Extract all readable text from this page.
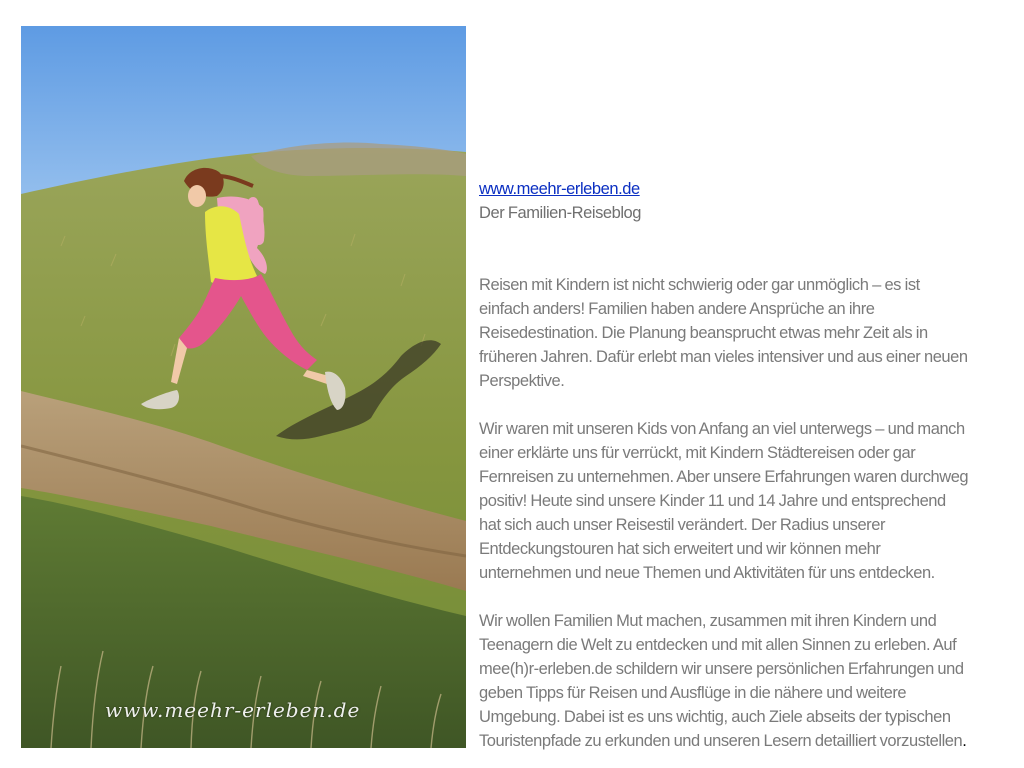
www.meehr-erleben.de
www.meehr-erleben.de
Der Familien-Reiseblog

Reisen mit Kindern ist nicht schwierig oder gar unmöglich – es ist
einfach anders! Familien haben andere Ansprüche an ihre
Reisedestination. Die Planung beansprucht etwas mehr Zeit als in
früheren Jahren. Dafür erlebt man vieles intensiver und aus einer neuen
Perspektive.

Wir waren mit unseren Kids von Anfang an viel unterwegs – und manch
einer erklärte uns für verrückt, mit Kindern Städtereisen oder gar
Fernreisen zu unternehmen. Aber unsere Erfahrungen waren durchweg
positiv! Heute sind unsere Kinder 11 und 14 Jahre und entsprechend
hat sich auch unser Reisestil verändert. Der Radius unserer
Entdeckungstouren hat sich erweitert und wir können mehr
unternehmen und neue Themen und Aktivitäten für uns entdecken.

Wir wollen Familien Mut machen, zusammen mit ihren Kindern und
Teenagern die Welt zu entdecken und mit allen Sinnen zu erleben. Auf
mee(h)r-erleben.de schildern wir unsere persönlichen Erfahrungen und
geben Tipps für Reisen und Ausflüge in die nähere und weitere
Umgebung. Dabei ist es uns wichtig, auch Ziele abseits der typischen
Touristenpfade zu erkunden und unseren Lesern detailliert vorzustellen.
